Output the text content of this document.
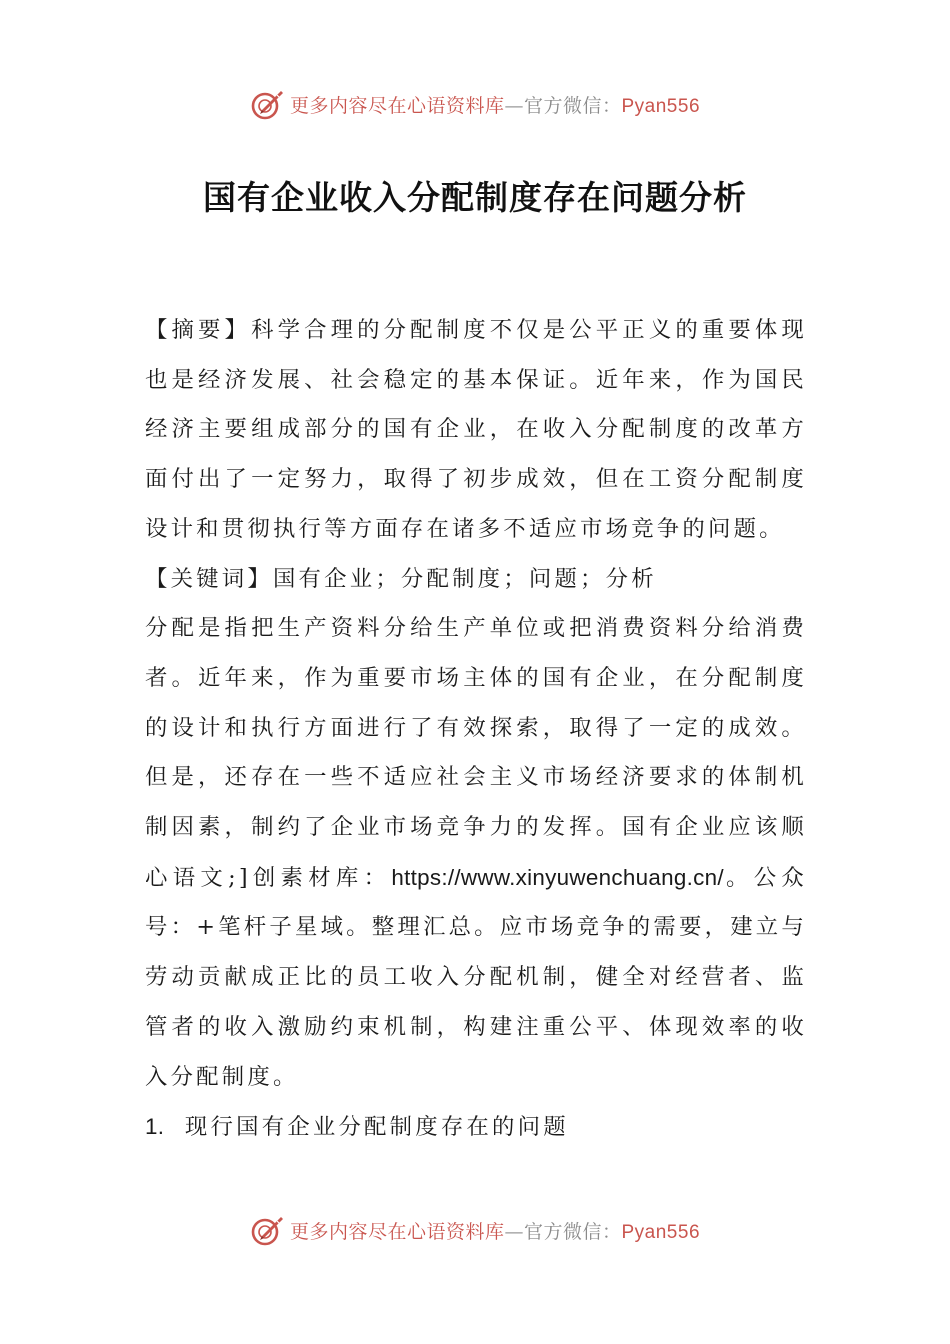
更多内容尽在心语资料库—官方微信：Pyan556
国有企业收入分配制度存在问题分析

【摘要】科学合理的分配制度不仅是公平正义的重要体现也是经济发展、社会稳定的基本保证。近年来，作为国民经济主要组成部分的国有企业，在收入分配制度的改革方面付出了一定努力，取得了初步成效，但在工资分配制度设计和贯彻执行等方面存在诸多不适应市场竞争的问题。

【关键词】国有企业；分配制度；问题；分析

分配是指把生产资料分给生产单位或把消费资料分给消费者。近年来，作为重要市场主体的国有企业，在分配制度的设计和执行方面进行了有效探索，取得了一定的成效。但是，还存在一些不适应社会主义市场经济要求的体制机制因素，制约了企业市场竞争力的发挥。国有企业应该顺心语文;]创素材库：https://www.xinyuwenchuang.cn/。公众号：+笔杆子星域。整理汇总。应市场竞争的需要，建立与劳动贡献成正比的员工收入分配机制，健全对经营者、监管者的收入激励约束机制，构建注重公平、体现效率的收入分配制度。

1. 现行国有企业分配制度存在的问题

更多内容尽在心语资料库—官方微信：Pyan556
